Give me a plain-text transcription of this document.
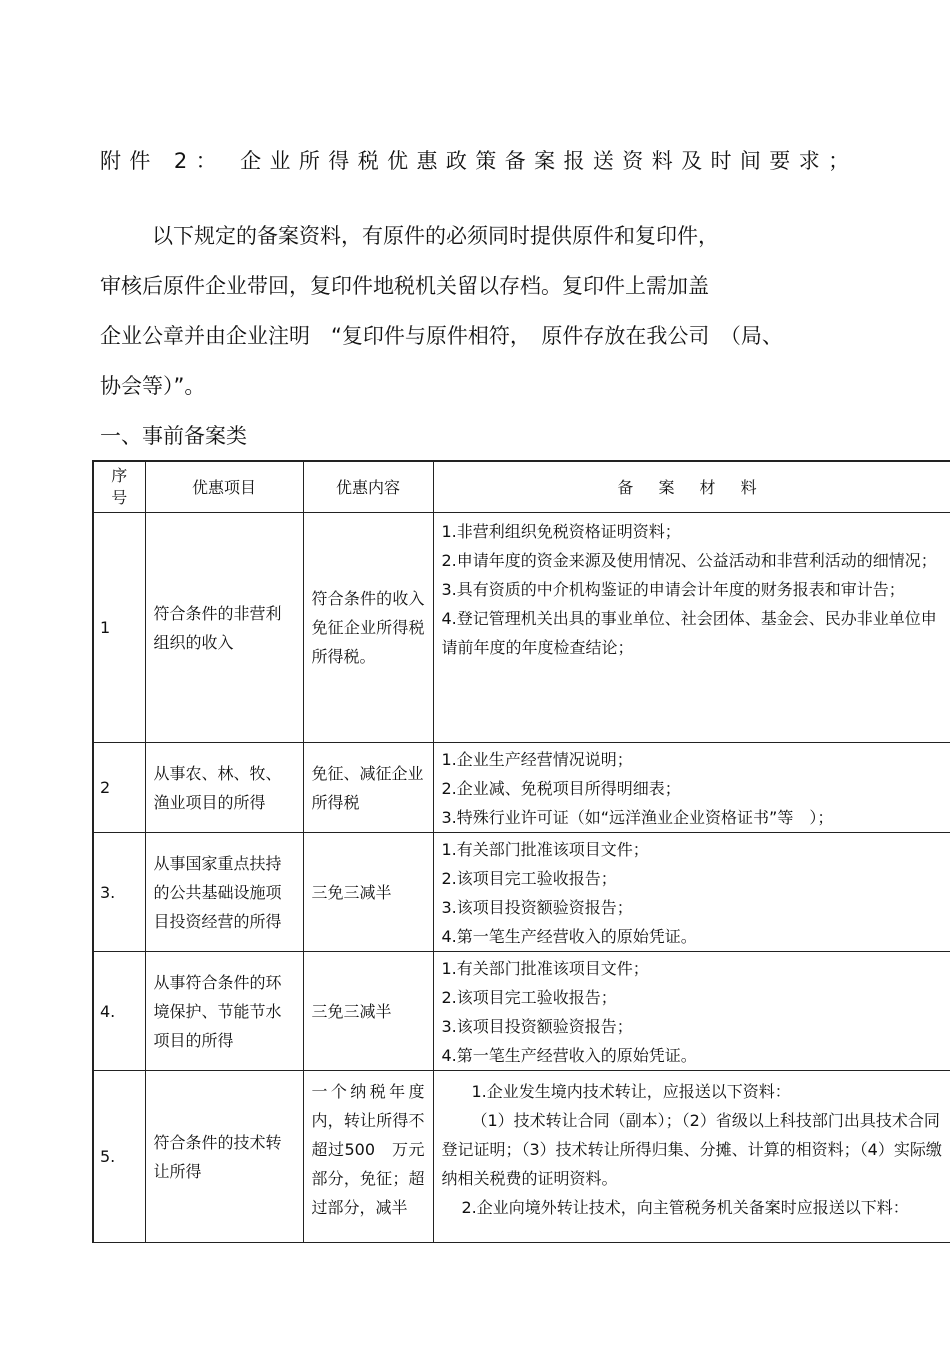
附件 2： 企业所得税优惠政策备案报送资料及时间要求；
以下规定的备案资料，有原件的必须同时提供原件和复印件，
审核后原件企业带回，复印件地税机关留以存档。复印件上需加盖
企业公章并由企业注明　“复印件与原件相符，　原件存放在我公司　（局、
协会等）”。
一、事前备案类
序号	优惠项目	优惠内容	备 案 材 料
1	符合条件的非营利组织的收入	符合条件的收入免征企业所得税所得税。	1.非营利组织免税资格证明资料；
2.申请年度的资金来源及使用情况、公益活动和非营利活动的细情况；
3.具有资质的中介机构鉴证的申请会计年度的财务报表和审计告；
4.登记管理机关出具的事业单位、社会团体、基金会、民办非业单位申请前年度的年度检查结论；

2	从事农、林、牧、渔业项目的所得	免征、减征企业所得税	1.企业生产经营情况说明；
2.企业减、免税项目所得明细表；
3.特殊行业许可证（如“远洋渔业企业资格证书”等　）；

3.	从事国家重点扶持的公共基础设施项目投资经营的所得	三免三减半	1.有关部门批准该项目文件；
2.该项目完工验收报告；
3.该项目投资额验资报告；
4.第一笔生产经营收入的原始凭证。

4.	从事符合条件的环境保护、节能节水项目的所得	三免三减半	1.有关部门批准该项目文件；
2.该项目完工验收报告；
3.该项目投资额验资报告；
4.第一笔生产经营收入的原始凭证。

5.	符合条件的技术转让所得	一个纳税年度内，转让所得不超过500　万元部分，免征；超过部分，减半	1.企业发生境内技术转让，应报送以下资料：
（1）技术转让合同（副本）；（2）省级以上科技部门出具技术合同登记证明；（3）技术转让所得归集、分摊、计算的相资料；（4）实际缴纳相关税费的证明资料。
2.企业向境外转让技术，向主管税务机关备案时应报送以下料：
